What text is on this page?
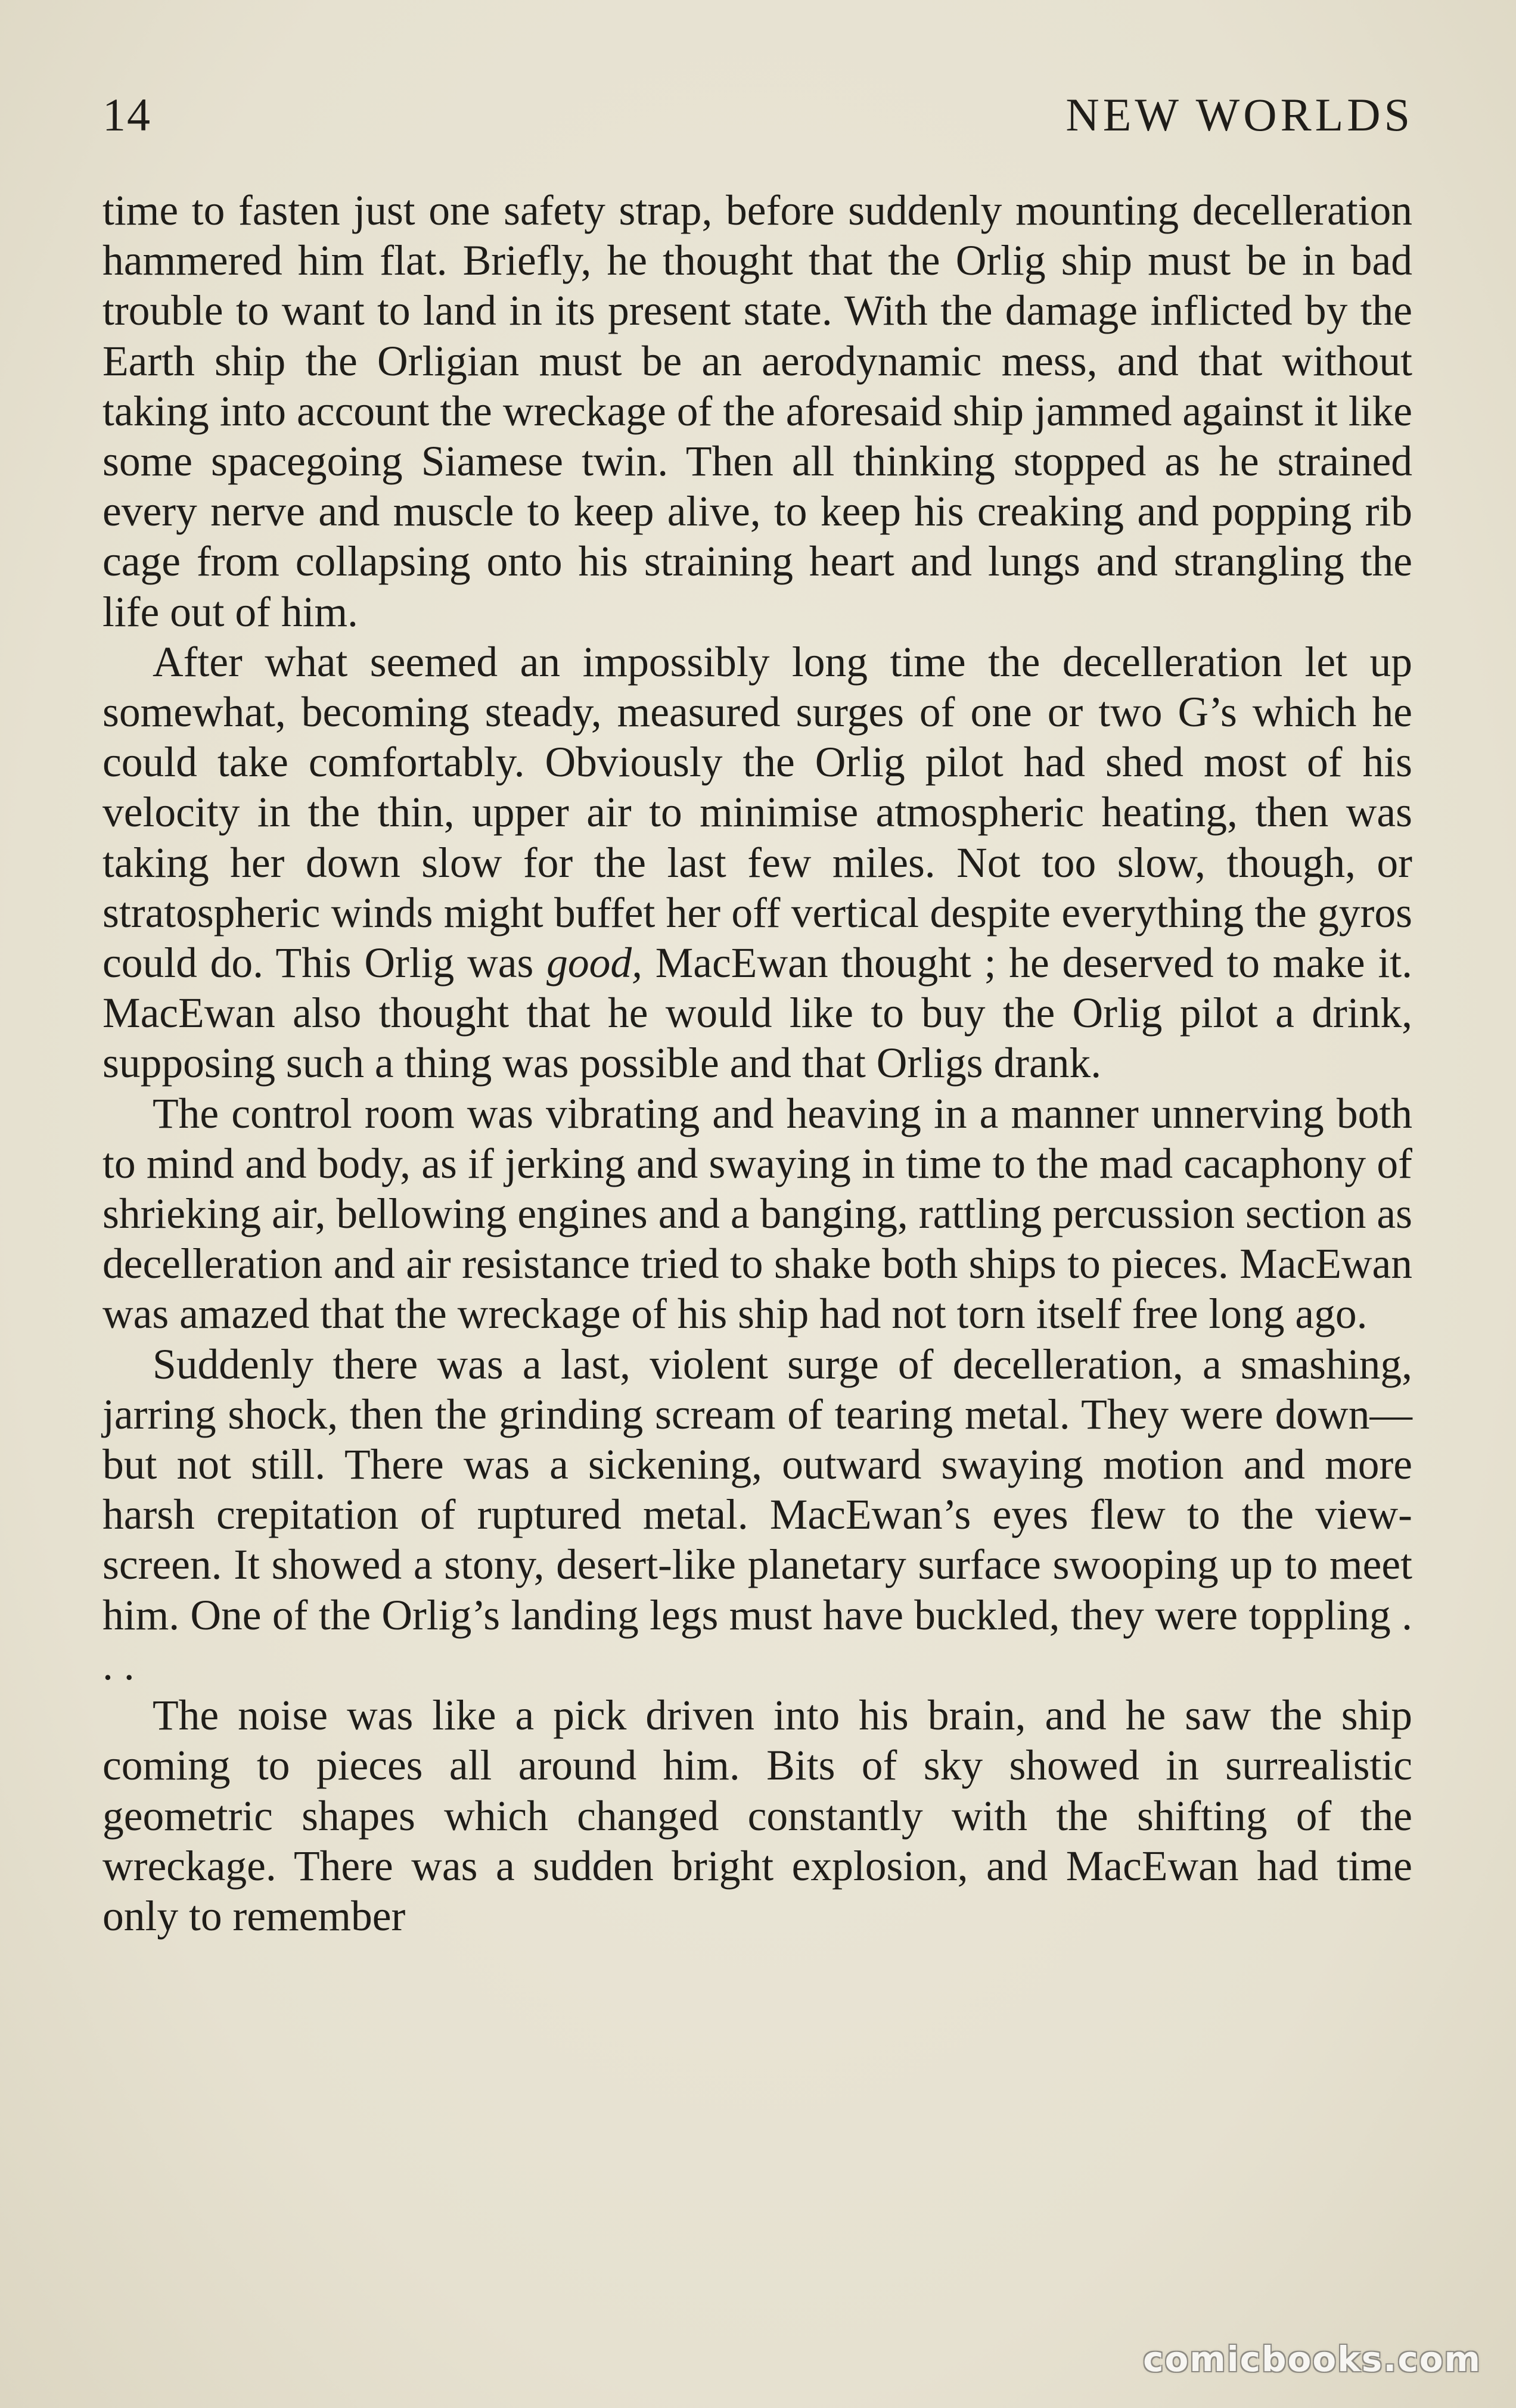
14	NEW WORLDS

time to fasten just one safety strap, before suddenly mounting decelleration hammered him flat. Briefly, he thought that the Orlig ship must be in bad trouble to want to land in its present state. With the damage inflicted by the Earth ship the Orligian must be an aerodynamic mess, and that without taking into account the wreckage of the aforesaid ship jammed against it like some spacegoing Siamese twin. Then all thinking stopped as he strained every nerve and muscle to keep alive, to keep his creaking and popping rib cage from collapsing onto his straining heart and lungs and strangling the life out of him.

After what seemed an impossibly long time the decelleration let up somewhat, becoming steady, measured surges of one or two G’s which he could take comfortably. Obviously the Orlig pilot had shed most of his velocity in the thin, upper air to minimise atmospheric heating, then was taking her down slow for the last few miles. Not too slow, though, or stratospheric winds might buffet her off vertical despite everything the gyros could do. This Orlig was good, MacEwan thought ; he deserved to make it. MacEwan also thought that he would like to buy the Orlig pilot a drink, supposing such a thing was possible and that Orligs drank.

The control room was vibrating and heaving in a manner unnerving both to mind and body, as if jerking and swaying in time to the mad cacaphony of shrieking air, bellowing engines and a banging, rattling percussion section as decelleration and air resistance tried to shake both ships to pieces. MacEwan was amazed that the wreckage of his ship had not torn itself free long ago.

Suddenly there was a last, violent surge of decelleration, a smashing, jarring shock, then the grinding scream of tearing metal. They were down—but not still. There was a sickening, outward swaying motion and more harsh crepitation of ruptured metal. MacEwan’s eyes flew to the view-screen. It showed a stony, desert-like planetary surface swooping up to meet him. One of the Orlig’s landing legs must have buckled, they were toppling . . .

The noise was like a pick driven into his brain, and he saw the ship coming to pieces all around him. Bits of sky showed in surrealistic geometric shapes which changed constantly with the shifting of the wreckage. There was a sudden bright explosion, and MacEwan had time only to remember

comicbooks.com
